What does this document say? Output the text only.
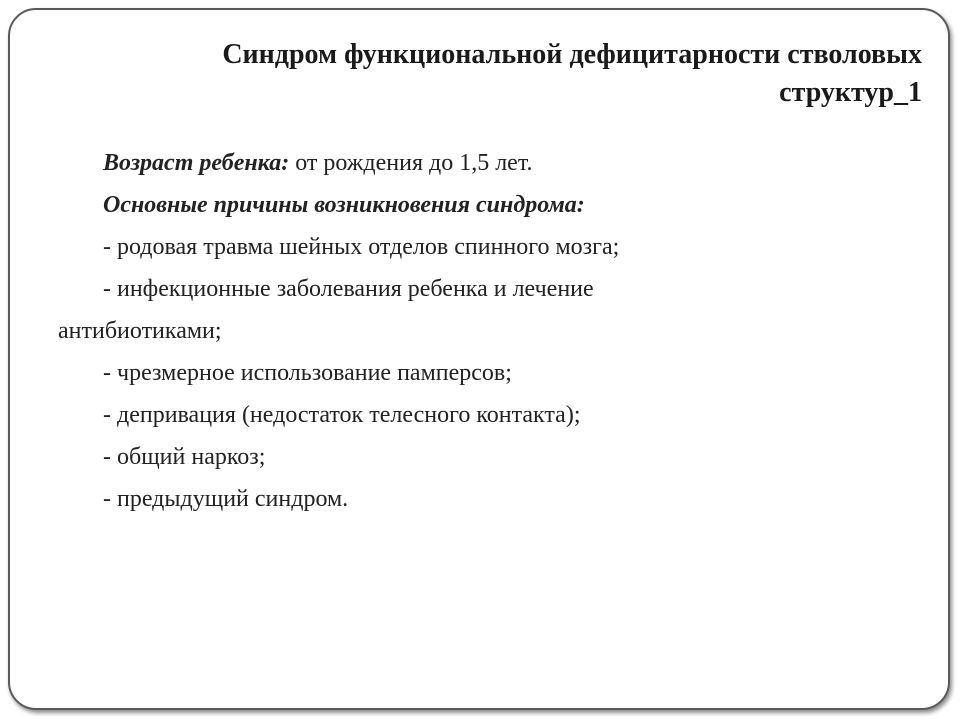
Синдром функциональной дефицитарности стволовых
структур_1
Возраст ребенка: от рождения до 1,5 лет.
Основные причины возникновения синдрома:
- родовая травма шейных отделов спинного мозга;
- инфекционные заболевания ребенка и лечение
антибиотиками;
- чрезмерное использование памперсов;
- депривация (недостаток телесного контакта);
- общий наркоз;
- предыдущий синдром.
